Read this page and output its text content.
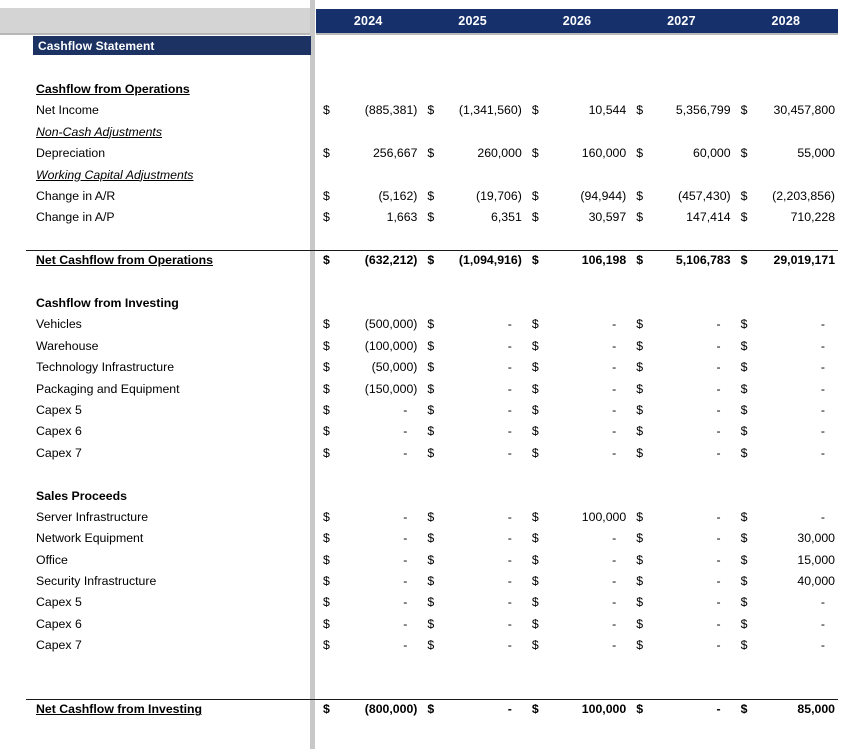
2024	2025	2026	2027	2028
Cashflow Statement
Cashflow from Operations
Net Income	$	(885,381) $ (1,341,560) $	10,544 $	5,356,799 $ 30,457,800
Non-Cash Adjustments
Depreciation	$	256,667 $	260,000 $	160,000 $	60,000 $	55,000
Working Capital Adjustments
Change in A/R	$	(5,162) $	(19,706) $	(94,944) $	(457,430) $ (2,203,856)
Change in A/P	$	1,663 $	6,351 $	30,597 $	147,414 $	710,228
Net Cashflow from Operations	$	(632,212) $ (1,094,916) $	106,198 $	5,106,783 $ 29,019,171
Cashflow from Investing
Vehicles	$	(500,000) $	- $	- $	- $	-
Warehouse	$	(100,000) $	- $	- $	- $	-
Technology Infrastructure	$	(50,000) $	- $	- $	- $	-
Packaging and Equipment	$	(150,000) $	- $	- $	- $	-
Capex 5	$	- $	- $	- $	- $	-
Capex 6	$	- $	- $	- $	- $	-
Capex 7	$	- $	- $	- $	- $	-
Sales Proceeds
Server Infrastructure	$	- $	- $	100,000 $	- $	-
Network Equipment	$	- $	- $	- $	- $	30,000
Office	$	- $	- $	- $	- $	15,000
Security Infrastructure	$	- $	- $	- $	- $	40,000
Capex 5	$	- $	- $	- $	- $	-
Capex 6	$	- $	- $	- $	- $	-
Capex 7	$	- $	- $	- $	- $	-
Net Cashflow from Investing	$	(800,000) $	- $	100,000 $	- $	85,000
